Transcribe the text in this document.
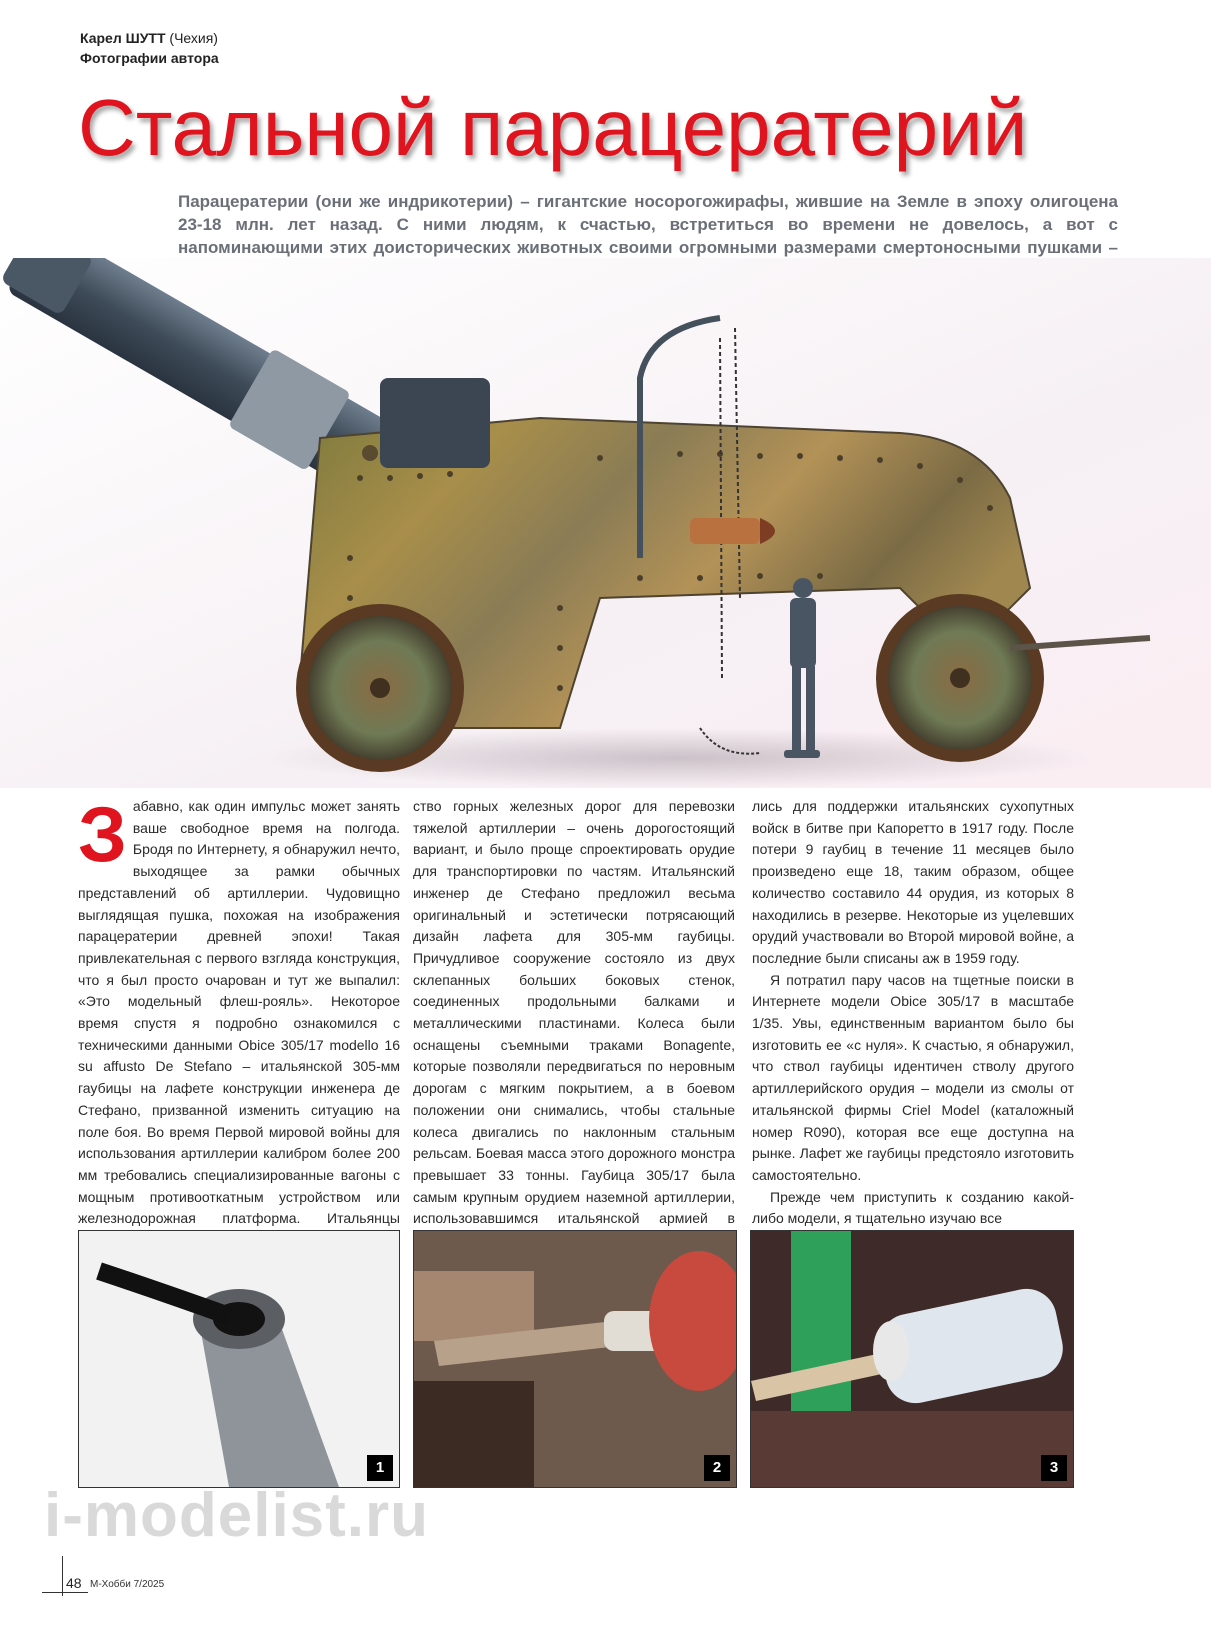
Карел ШУТТ (Чехия)
Фотографии автора
Стальной парацератерий
Парацератерии (они же индрикотерии) – гигантские носорогожирафы, жившие на Земле в эпоху олигоцена 23-18 млн. лет назад. С ними людям, к счастью, встретиться во времени не довелось, а вот с напоминающими этих доисторических животных своими огромными размерами смертоносными пушками –

Забавно, как один импульс может занять ваше свободное время на полгода. Бродя по Интернету, я обнаружил нечто, выходящее за рамки обычных представлений об артиллерии. Чудовищно выглядящая пушка, похожая на изображения парацератерии древней эпохи! Такая привлекательная с первого взгляда конструкция, что я был просто очарован и тут же выпалил: «Это модельный флеш-рояль». Некоторое время спустя я подробно ознакомился с техническими данными Obice 305/17 modello 16 su affusto De Stefano – итальянской 305-мм гаубицы на лафете конструкции инженера де Стефано, призванной изменить ситуацию на поле боя. Во время Первой мировой войны для использования артиллерии калибром более 200 мм требовались специализированные вагоны с мощным противооткатным устройством или железнодорожная платформа. Итальянцы

ство горных железных дорог для перевозки тяжелой артиллерии – очень дорогостоящий вариант, и было проще спроектировать орудие для транспортировки по частям. Итальянский инженер де Стефано предложил весьма оригинальный и эстетически потрясающий дизайн лафета для 305-мм гаубицы. Причудливое сооружение состояло из двух склепанных больших боковых стенок, соединенных продольными балками и металлическими пластинами. Колеса были оснащены съемными траками Bonagente, которые позволяли передвигаться по неровным дорогам с мягким покрытием, а в боевом положении они снимались, чтобы стальные колеса двигались по наклонным стальным рельсам. Боевая масса этого дорожного монстра превышает 33 тонны. Гаубица 305/17 была самым крупным орудием наземной артиллерии, использовавшимся итальянской армией в

лись для поддержки итальянских сухопутных войск в битве при Капоретто в 1917 году. После потери 9 гаубиц в течение 11 месяцев было произведено еще 18, таким образом, общее количество составило 44 орудия, из которых 8 находились в резерве. Некоторые из уцелевших орудий участвовали во Второй мировой войне, а последние были списаны аж в 1959 году.

Я потратил пару часов на тщетные поиски в Интернете модели Obice 305/17 в масштабе 1/35. Увы, единственным вариантом было бы изготовить ее «с нуля». К счастью, я обнаружил, что ствол гаубицы идентичен стволу другого артиллерийского орудия – модели из смолы от итальянской фирмы Criel Model (каталожный номер R090), которая все еще доступна на рынке. Лафет же гаубицы предстояло изготовить самостоятельно.

Прежде чем приступить к созданию какой-либо модели, я тщательно изучаю все

1	2	3
i-modelist.ru
48 М-Хобби 7/2025
